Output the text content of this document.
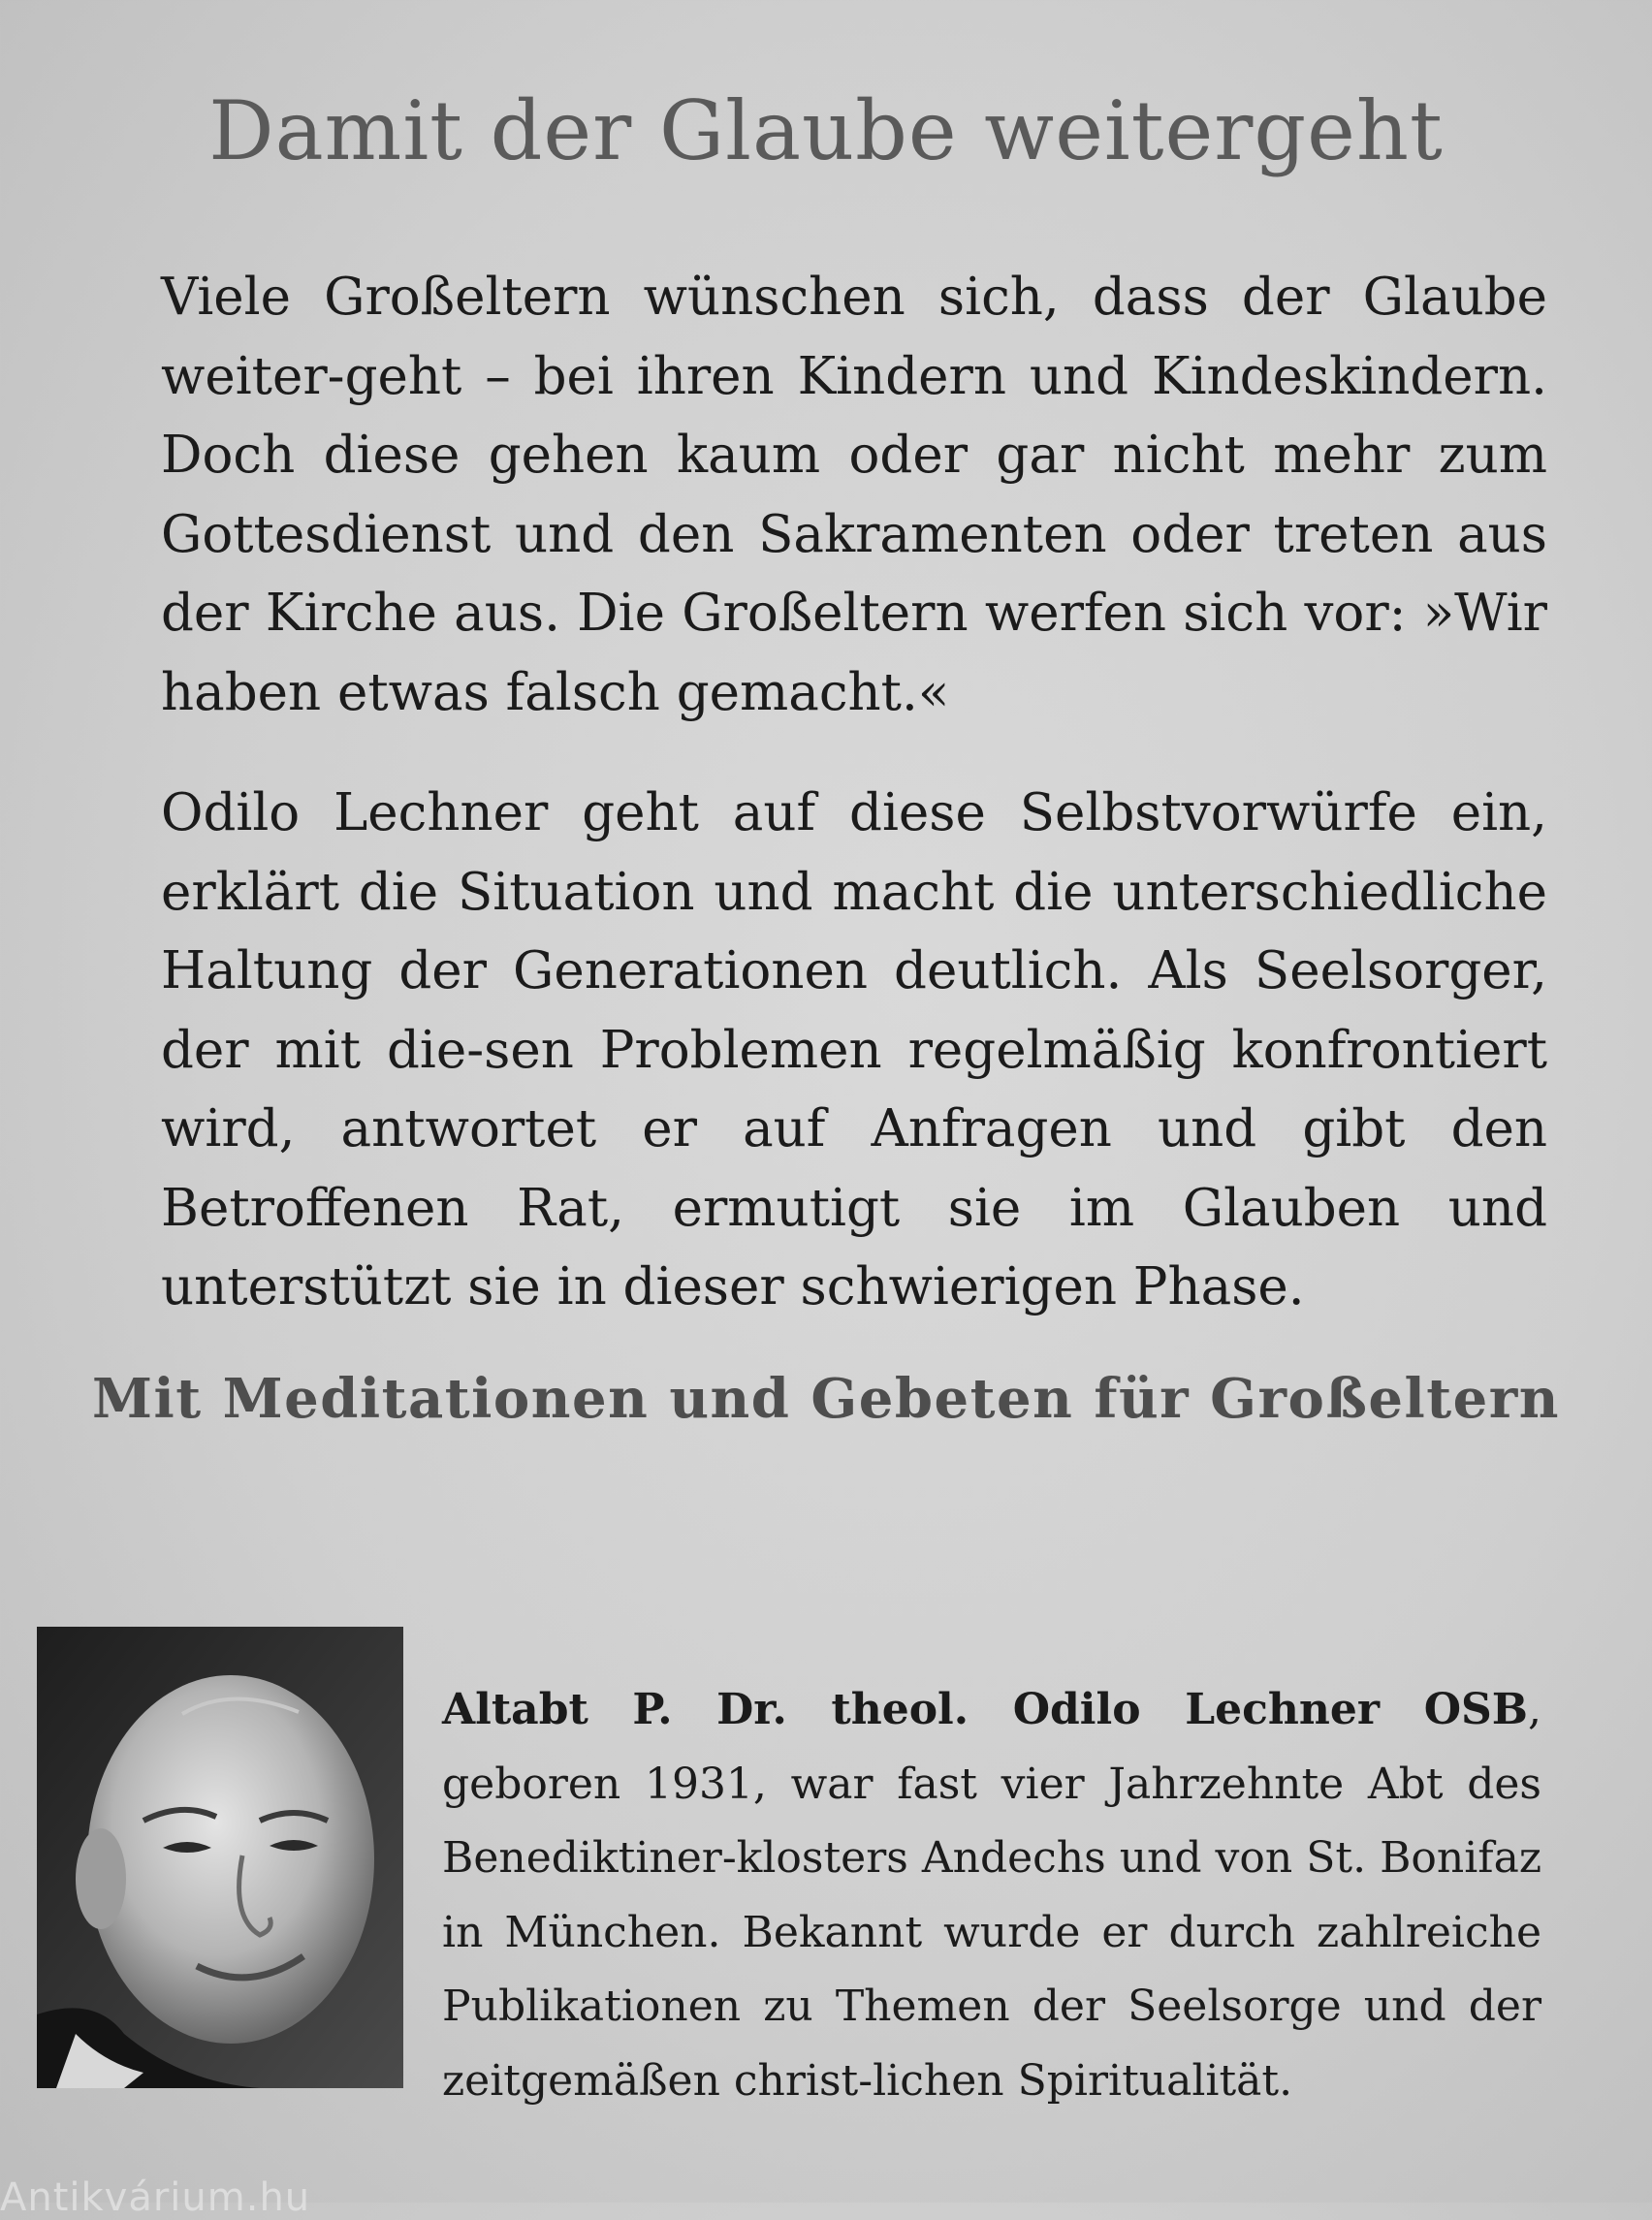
Damit der Glaube weitergeht

Viele Großeltern wünschen sich, dass der Glaube weiter-geht – bei ihren Kindern und Kindeskindern. Doch diese gehen kaum oder gar nicht mehr zum Gottesdienst und den Sakramenten oder treten aus der Kirche aus. Die Großeltern werfen sich vor: »Wir haben etwas falsch gemacht.«

Odilo Lechner geht auf diese Selbstvorwürfe ein, erklärt die Situation und macht die unterschiedliche Haltung der Generationen deutlich. Als Seelsorger, der mit die-sen Problemen regelmäßig konfrontiert wird, antwortet er auf Anfragen und gibt den Betroffenen Rat, ermutigt sie im Glauben und unterstützt sie in dieser schwierigen Phase.

Mit Meditationen und Gebeten für Großeltern

Altabt P. Dr. theol. Odilo Lechner OSB, geboren 1931, war fast vier Jahrzehnte Abt des Benediktiner-klosters Andechs und von St. Bonifaz in München. Bekannt wurde er durch zahlreiche Publikationen zu Themen der Seelsorge und der zeitgemäßen christ-lichen Spiritualität.

Antikvárium.hu
